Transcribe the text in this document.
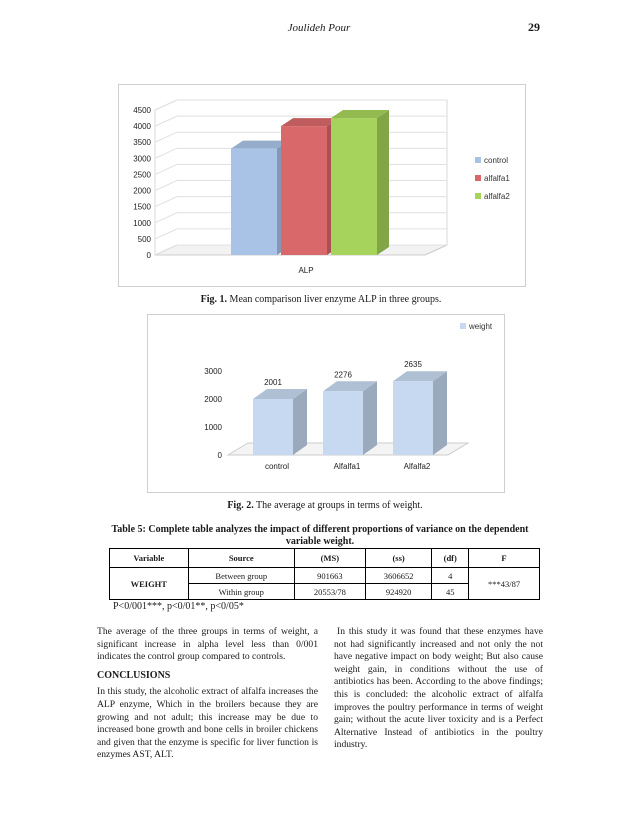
Joulideh Pour	29
0
500
1000
1500
2000
2500
3000
3500
4000
4500
ALP
control
alfalfa1
alfalfa2
Fig. 1. Mean comparison liver enzyme ALP in three groups.
0
1000
2000
3000
2001
control
2276
Alfalfa1
2635
Alfalfa2
weight
Fig. 2. The average at groups in terms of weight.
Table 5: Complete table analyzes the impact of different proportions of variance on the dependent variable weight.
Variable	Source	(MS)	(ss)	(df)	F
WEIGHT	Between group	901663	3606652	4	***43/87
	Within group	20553/78	924920	45	
P<0/001***, p<0/01**, p<0/05*

The average of the three groups in terms of weight, a significant increase in alpha level less than 0/001 indicates the control group compared to controls.

CONCLUSIONS

In this study, the alcoholic extract of alfalfa increases the ALP enzyme, Which in the broilers because they are growing and not adult; this increase may be due to increased bone growth and bone cells in broiler chickens and given that the enzyme is specific for liver function is enzymes AST, ALT.

In this study it was found that these enzymes have not had significantly increased and not only the not have negative impact on body weight; But also cause weight gain, in conditions without the use of antibiotics has been. According to the above findings; this is concluded: the alcoholic extract of alfalfa improves the poultry performance in terms of weight gain; without the acute liver toxicity and is a Perfect Alternative Instead of antibiotics in the poultry industry.
